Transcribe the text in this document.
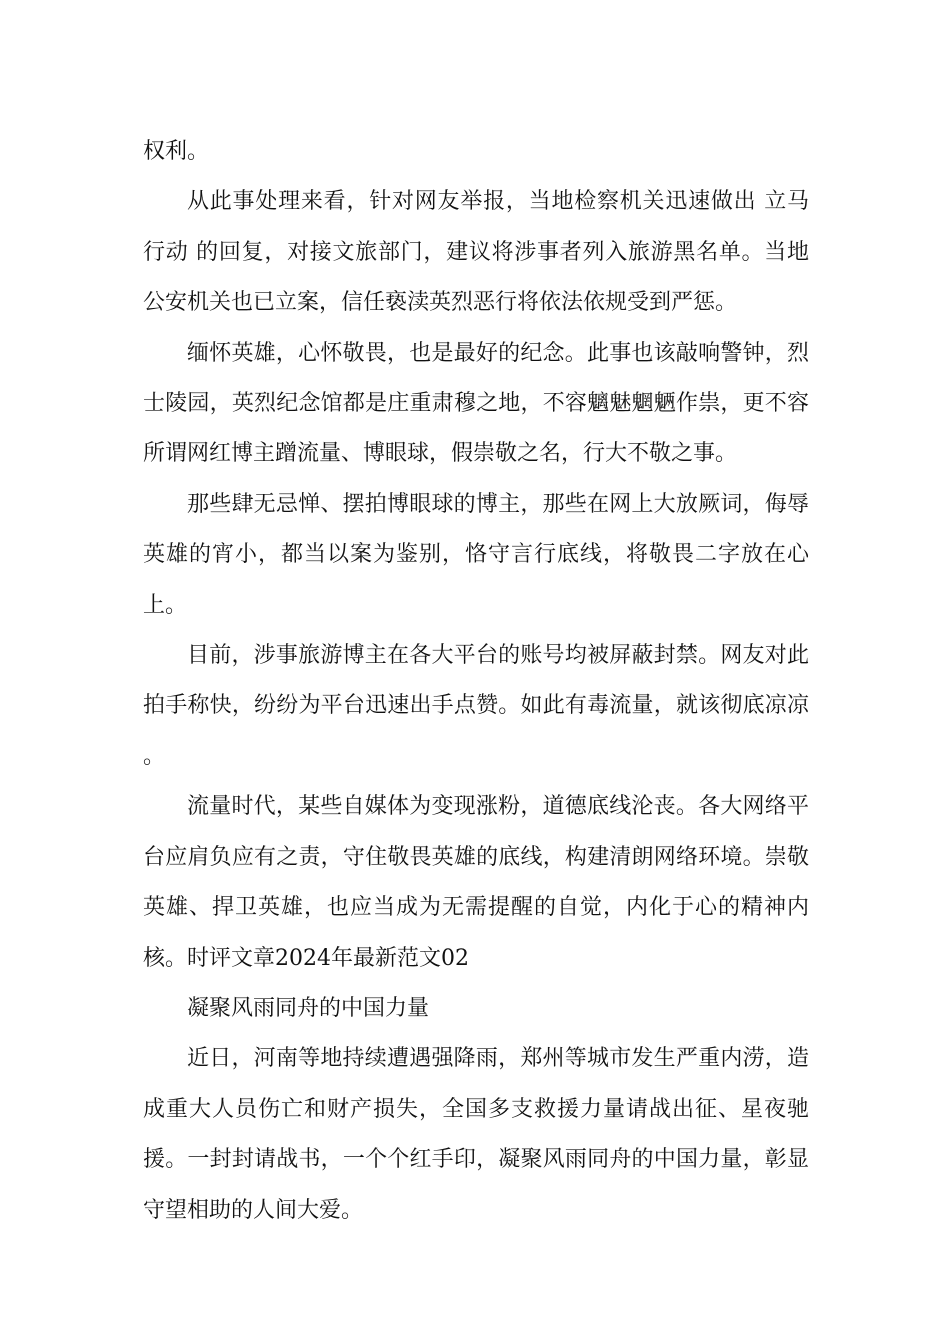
权利。

从此事处理来看，针对网友举报，当地检察机关迅速做出 立马行动 的回复，对接文旅部门，建议将涉事者列入旅游黑名单。当地公安机关也已立案，信任亵渎英烈恶行将依法依规受到严惩。

缅怀英雄，心怀敬畏，也是最好的纪念。此事也该敲响警钟，烈士陵园，英烈纪念馆都是庄重肃穆之地，不容魑魅魍魉作祟，更不容所谓网红博主蹭流量、博眼球，假崇敬之名，行大不敬之事。

那些肆无忌惮、摆拍博眼球的博主，那些在网上大放厥词，侮辱英雄的宵小，都当以案为鉴别，恪守言行底线，将敬畏二字放在心上。

目前，涉事旅游博主在各大平台的账号均被屏蔽封禁。网友对此拍手称快，纷纷为平台迅速出手点赞。如此有毒流量，就该彻底凉凉 。

流量时代，某些自媒体为变现涨粉，道德底线沦丧。各大网络平台应肩负应有之责，守住敬畏英雄的底线，构建清朗网络环境。崇敬英雄、捍卫英雄，也应当成为无需提醒的自觉，内化于心的精神内核。时评文章2024年最新范文02

凝聚风雨同舟的中国力量

近日，河南等地持续遭遇强降雨，郑州等城市发生严重内涝，造成重大人员伤亡和财产损失，全国多支救援力量请战出征、星夜驰援。一封封请战书，一个个红手印，凝聚风雨同舟的中国力量，彰显守望相助的人间大爱。
